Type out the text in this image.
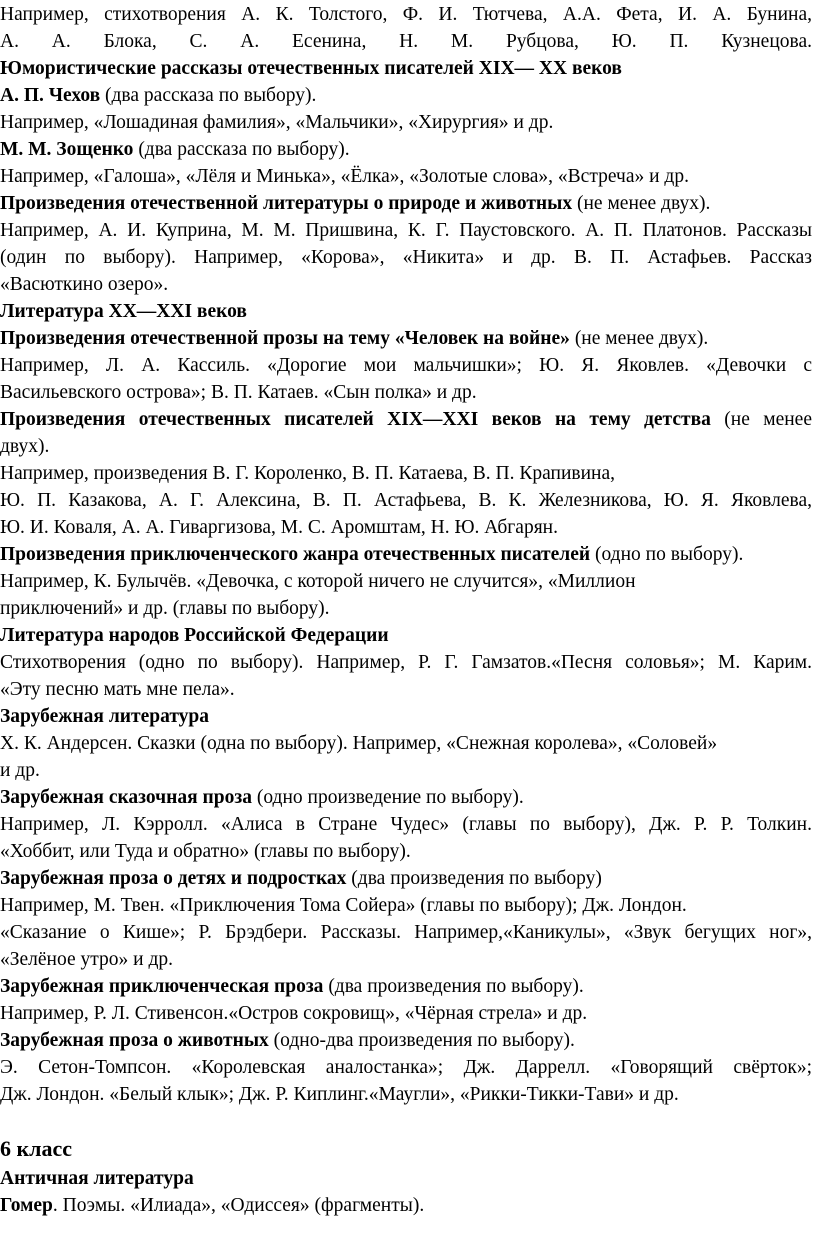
Например, стихотворения А. К. Толстого, Ф. И. Тютчева, А.А. Фета, И. А. Бунина,
А. А. Блока, С. А. Есенина, Н. М. Рубцова, Ю. П. Кузнецова.
Юмористические рассказы отечественных писателей XIX— XX веков
А. П. Чехов (два рассказа по выбору).
Например, «Лошадиная фамилия», «Мальчики», «Хирургия» и др.
М. М. Зощенко (два рассказа по выбору).
Например, «Галоша», «Лёля и Минька», «Ёлка», «Золотые слова», «Встреча» и др.
Произведения отечественной литературы о природе и животных (не менее двух).
Например, А. И. Куприна, М. М. Пришвина, К. Г. Паустовского. А. П. Платонов. Рассказы
(один по выбору). Например, «Корова», «Никита» и др. В. П. Астафьев. Рассказ
«Васюткино озеро».
Литература XX—XXI веков
Произведения отечественной прозы на тему «Человек на войне» (не менее двух).
Например, Л. А. Кассиль. «Дорогие мои мальчишки»; Ю. Я. Яковлев. «Девочки с
Васильевского острова»; В. П. Катаев. «Сын полка» и др.
Произведения отечественных писателей XIX—XXI веков на тему детства (не менее
двух).
Например, произведения В. Г. Короленко, В. П. Катаева, В. П. Крапивина,
Ю. П. Казакова, А. Г. Алексина, В. П. Астафьева, В. К. Железникова, Ю. Я. Яковлева,
Ю. И. Коваля, А. А. Гиваргизова, М. С. Аромштам, Н. Ю. Абгарян.
Произведения приключенческого жанра отечественных писателей (одно по выбору).
Например, К. Булычёв. «Девочка, с которой ничего не случится», «Миллион
приключений» и др. (главы по выбору).
Литература народов Российской Федерации
Стихотворения (одно по выбору). Например, Р. Г. Гамзатов.«Песня соловья»; М. Карим.
«Эту песню мать мне пела».
Зарубежная литература
Х. К. Андерсен. Сказки (одна по выбору). Например, «Снежная королева», «Соловей»
и др.
Зарубежная сказочная проза (одно произведение по выбору).
Например, Л. Кэрролл. «Алиса в Стране Чудес» (главы по выбору), Дж. Р. Р. Толкин.
«Хоббит, или Туда и обратно» (главы по выбору).
Зарубежная проза о детях и подростках (два произведения по выбору)
Например, М. Твен. «Приключения Тома Сойера» (главы по выбору); Дж. Лондон.
«Сказание о Кише»; Р. Брэдбери. Рассказы. Например,«Каникулы», «Звук бегущих ног»,
«Зелёное утро» и др.
Зарубежная приключенческая проза (два произведения по выбору).
Например, Р. Л. Стивенсон.«Остров сокровищ», «Чёрная стрела» и др.
Зарубежная проза о животных (одно-два произведения по выбору).
Э. Сетон-Томпсон. «Королевская аналостанка»; Дж. Даррелл. «Говорящий свёрток»;
Дж. Лондон. «Белый клык»; Дж. Р. Киплинг.«Маугли», «Рикки-Тикки-Тави» и др.
6 класс
Античная литература
Гомер. Поэмы. «Илиада», «Одиссея» (фрагменты).
